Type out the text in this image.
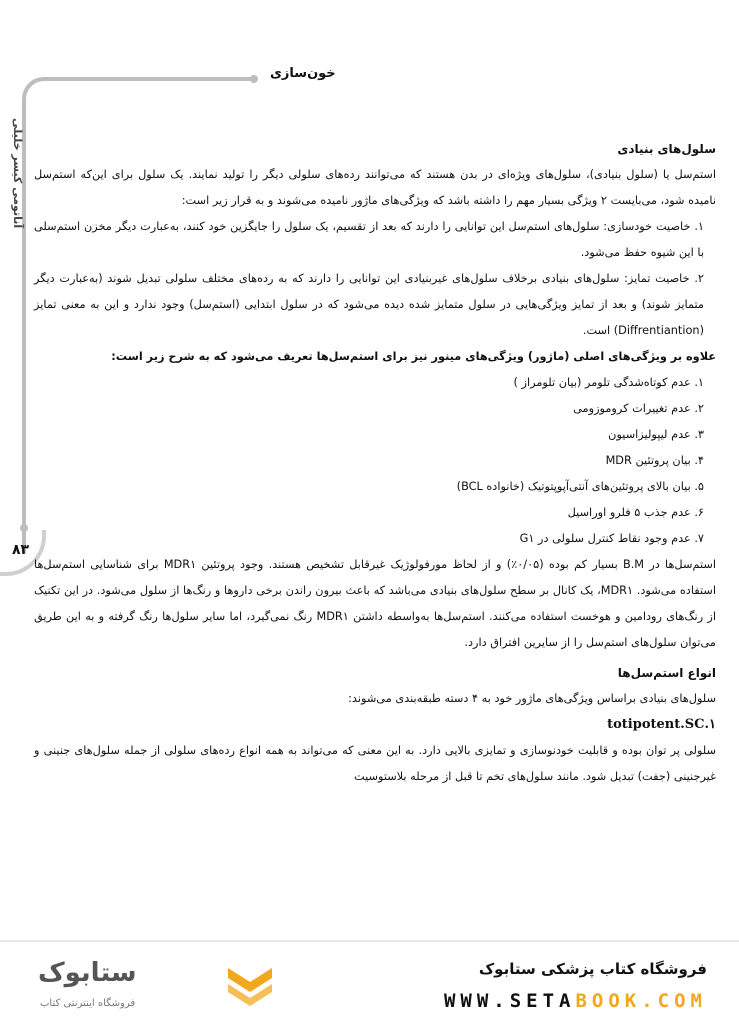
خون‌سازی
آناتومی کیسر خلیلی
۸۳

سلول‌های بنیادی

استم‌سل یا (سلول بنیادی)، سلول‌های ویژه‌ای در بدن هستند که می‌توانند رده‌های سلولی دیگر را تولید نمایند. یک سلول برای این‌که استم‌سل نامیده شود، می‌بایست ۲ ویژگی بسیار مهم را داشته باشد که ویژگی‌های ماژور نامیده می‌شوند و به قرار زیر است:

۱. خاصیت خودسازی: سلول‌های استم‌سل این توانایی را دارند که بعد از تقسیم، یک سلول را جایگزین خود کنند، به‌عبارت دیگر مخزن استم‌سلی با این شیوه حفظ می‌شود.

۲. خاصیت تمایز: سلول‌های بنیادی برخلاف سلول‌های غیربنیادی این توانایی را دارند که به رده‌های مختلف سلولی تبدیل شوند (به‌عبارت دیگر متمایز شوند) و بعد از تمایز ویژگی‌هایی در سلول متمایز شده دیده می‌شود که در سلول ابتدایی (استم‌سل) وجود ندارد و این به معنی تمایز (Diffrentiantion) است.

علاوه بر ویژگی‌های اصلی (ماژور) ویژگی‌های مینور نیز برای استم‌سل‌ها تعریف می‌شود که به شرح زیر است:

۱. عدم کوتاه‌شدگی تلومر (بیان تلومراز )

۲. عدم تغییرات کروموزومی

۳. عدم لیپولیزاسیون

۴. بیان پروتئین MDR

۵. بیان بالای پروتئین‌های آنتی‌آپوپتوتیک (خانواده BCL)

۶. عدم جذب ۵ فلرو اوراسیل

۷. عدم وجود نقاط کنترل سلولی در G۱

استم‌سل‌ها در B.M بسیار کم بوده (۰/۰۵٪) و از لحاظ مورفولوژیک غیرقابل تشخیص هستند. وجود پروتئین MDR۱ برای شناسایی استم‌سل‌ها استفاده می‌شود. MDR۱، یک کانال بر سطح سلول‌های بنیادی می‌باشد که باعث بیرون راندن برخی داروها و رنگ‌ها از سلول می‌شود. در این تکنیک از رنگ‌های رودامین و هوخست استفاده می‌کنند. استم‌سل‌ها به‌واسطه داشتن MDR۱ رنگ نمی‌گیرد، اما سایر سلول‌ها رنگ گرفته و به این طریق می‌توان سلول‌های استم‌سل را از سایرین افتراق دارد.

انواع استم‌سل‌ها

سلول‌های بنیادی براساس ویژگی‌های ماژور خود به ۴ دسته طبقه‌بندی می‌شوند:

۱.totipotent.SC

سلولی پر توان بوده و قابلیت خودنوسازی و تمایزی بالایی دارد. به این معنی که می‌تواند به همه انواع رده‌های سلولی از جمله سلول‌های جنینی و غیرجنینی (جفت) تبدیل شود. مانند سلول‌های تخم تا قبل از مرحله بلاستوسیت

ستابوک
فروشگاه اینترنتی کتاب
فروشگاه کتاب پزشکی ستابوک
WWW.SETABOOK.COM
